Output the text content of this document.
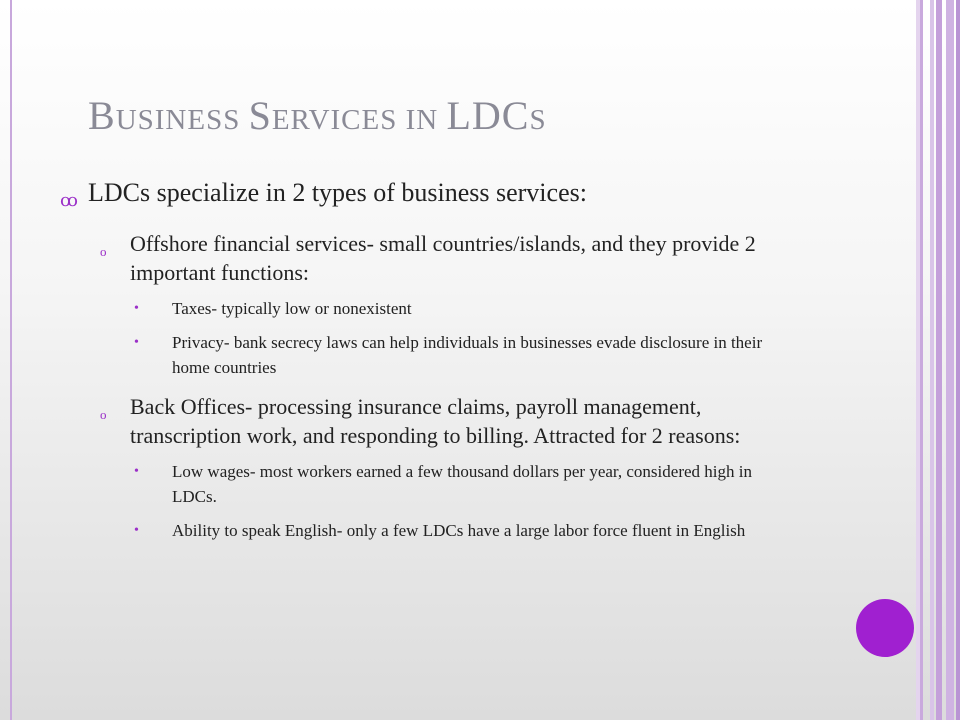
BUSINESS SERVICES IN LDCS
ꝏ LDCs specialize in 2 types of business services:
o	Offshore financial services- small countries/islands, and they provide 2 important functions:
•	Taxes- typically low or nonexistent
•	Privacy- bank secrecy laws can help individuals in businesses evade disclosure in their home countries
o	Back Offices- processing insurance claims, payroll management, transcription work, and responding to billing. Attracted for 2 reasons:
•	Low wages- most workers earned a few thousand dollars per year, considered high in LDCs.
•	Ability to speak English- only a few LDCs have a large labor force fluent in English
